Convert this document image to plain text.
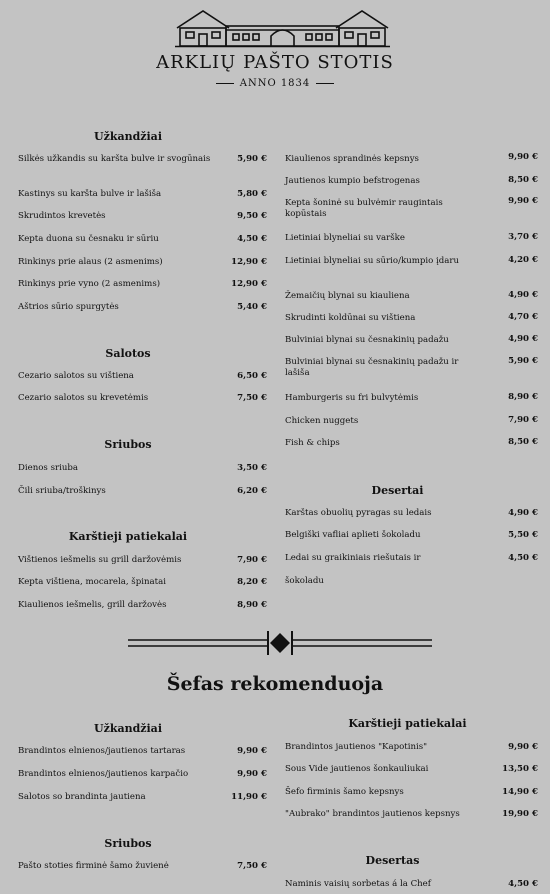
ARKLIŲ PAŠTO STOTIS
ANNO 1834
Užkandžiai
Silkės užkandis su karšta bulve ir svogūnais	5,90 €
Kastinys su karšta bulve ir lašiša	5,80 €
Skrudintos krevetės	9,50 €
Kepta duona su česnaku ir sūriu	4,50 €
Rinkinys prie alaus (2 asmenims)	12,90 €
Rinkinys prie vyno (2 asmenims)	12,90 €
Aštrios sūrio spurgytės	5,40 €
Salotos
Cezario salotos su vištiena	6,50 €
Cezario salotos su krevetėmis	7,50 €
Sriubos
Dienos sriuba	3,50 €
Čili sriuba/troškinys	6,20 €
Karštieji patiekalai
Vištienos iešmelis su grill daržovėmis	7,90 €
Kepta vištiena, mocarela, špinatai	8,20 €
Kiaulienos iešmelis, grill daržovės	8,90 €
Kiaulienos sprandinės kepsnys	9,90 €
Jautienos kumpio befstrogenas	8,50 €
Kepta šoninė su bulvėmir raugintais kopūstais
9,90 €
Lietiniai blyneliai su varške	3,70 €
Lietiniai blyneliai su sūrio/kumpio įdaru	4,20 €
Žemaičių blynai su kiauliena	4,90 €
Skrudinti koldūnai su vištiena	4,70 €
Bulviniai blynai su česnakinių padažu	4,90 €
Bulviniai blynai su česnakinių padažu ir lašiša
5,90 €
Hamburgeris su fri bulvytėmis	8,90 €
Chicken nuggets	7,90 €
Fish & chips	8,50 €
Desertai
Karštas obuolių pyragas su ledais	4,90 €
Belgiški vafliai aplieti šokoladu	5,50 €
Ledai su graikiniais riešutais ir
šokoladu
4,50 €
Šefas rekomenduoja
Užkandžiai
Brandintos elnienos/jautienos tartaras	9,90 €
Brandintos elnienos/jautienos karpačio	9,90 €
Salotos so brandinta jautiena	11,90 €
Sriubos
Pašto stoties firminė šamo žuvienė	7,50 €
Karštieji patiekalai
Brandintos jautienos "Kapotinis"	9,90 €
Sous Vide jautienos šonkauliukai	13,50 €
Šefo firminis šamo kepsnys	14,90 €
"Aubrako" brandintos jautienos kepsnys	19,90 €
Desertas
Naminis vaisių sorbetas á la Chef	4,50 €
